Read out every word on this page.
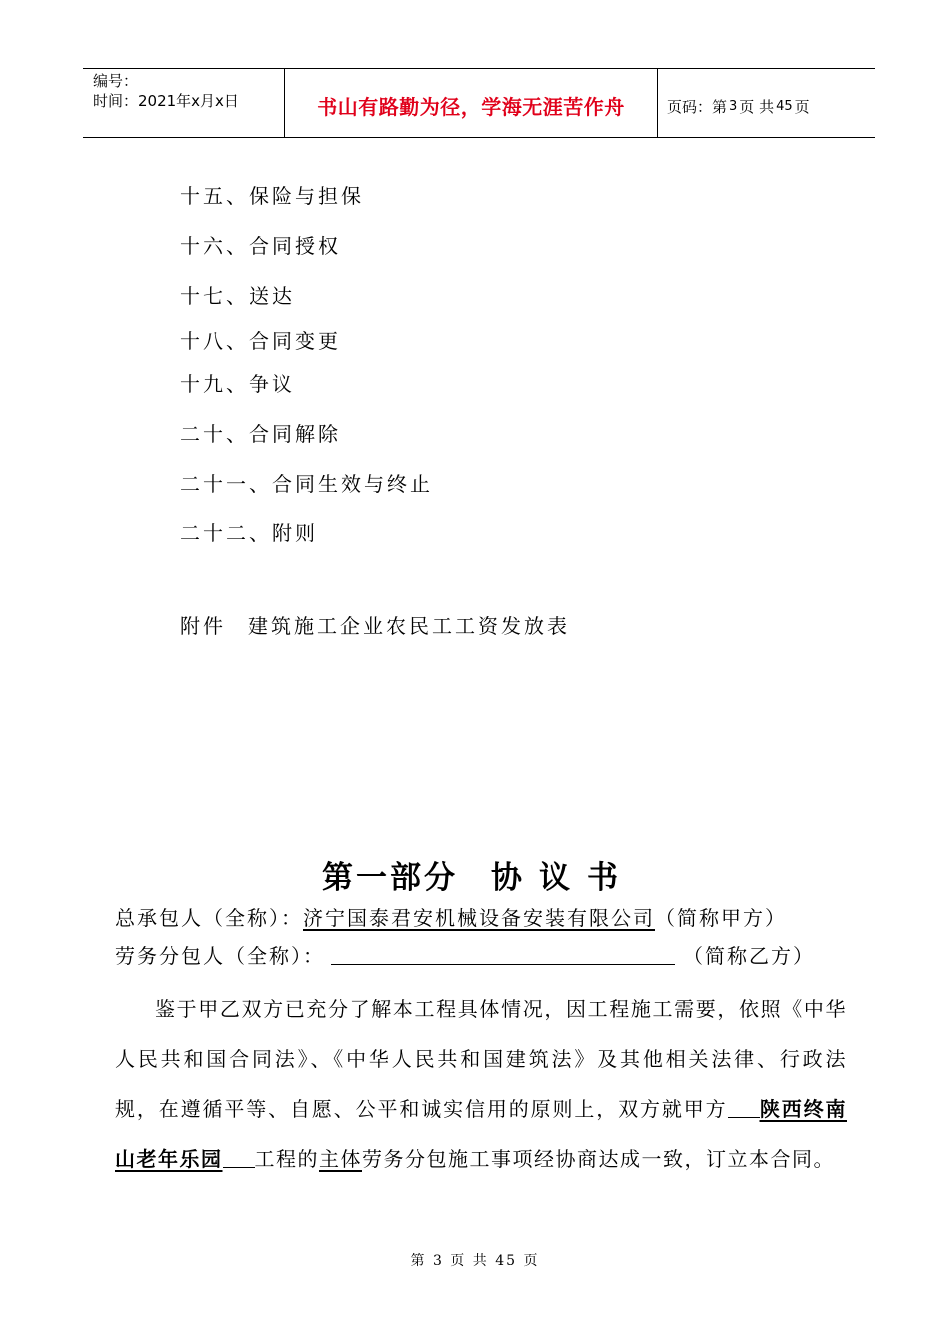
编号：
时间：2021年x月x日	书山有路勤为径，学海无涯苦作舟	页码：第 3 页 共 45 页
十五、保险与担保
十六、合同授权
十七、送达
十八、合同变更
十九、争议
二十、合同解除
二十一、合同生效与终止
二十二、附则
附件 建筑施工企业农民工工资发放表
第一部分 协 议 书
总承包人（全称）：济宁国泰君安机械设备安装有限公司（简称甲方）
劳务分包人（全称）：	（简称乙方）
鉴于甲乙双方已充分了解本工程具体情况，因工程施工需要，依照《中华人民共和国合同法》、《中华人民共和国建筑法》及其他相关法律、行政法规，在遵循平等、自愿、公平和诚实信用的原则上，双方就甲方 陕西终南山老年乐园 工程的主体劳务分包施工事项经协商达成一致，订立本合同。
第 3 页 共 45 页
